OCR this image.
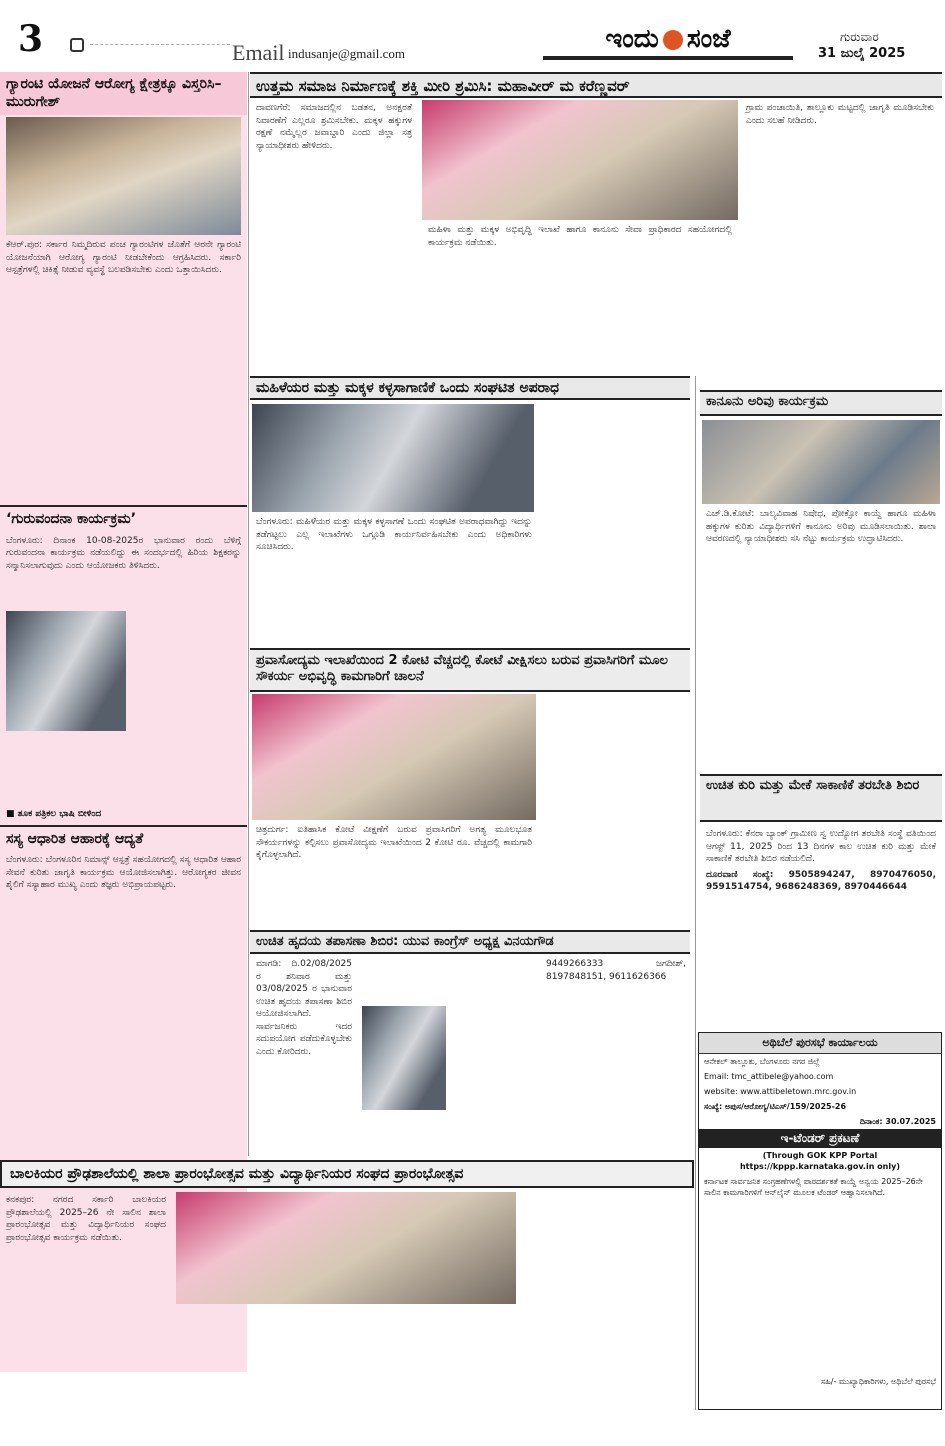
3	Email indusanje@gmail.com	ಇಂದು ಸಂಜೆ	ಗುರುವಾರ
31 ಜುಲೈ 2025
ಗ್ಯಾರಂಟಿ ಯೋಜನೆ ಆರೋಗ್ಯ ಕ್ಷೇತ್ರಕ್ಕೂ ವಿಸ್ತರಿಸಿ– ಮುರುಗೇಶ್
ಕೆಆರ್.ಪುರ: ಸರ್ಕಾರ ನಿಮ್ಮದಿರುವ ಪಂಚ ಗ್ಯಾರಂಟಿಗಳ ಜೊತೆಗೆ ಆರನೇ ಗ್ಯಾರಂಟಿ ಯೋಜನೆಯಾಗಿ ಆರೋಗ್ಯ ಗ್ಯಾರಂಟಿ ನೀಡಬೇಕೆಂದು ಆಗ್ರಹಿಸಿದರು. ಸರ್ಕಾರಿ ಆಸ್ಪತ್ರೆಗಳಲ್ಲಿ ಚಿಕಿತ್ಸೆ ನೀಡುವ ವ್ಯವಸ್ಥೆ ಬಲಪಡಿಸಬೇಕು ಎಂದು ಒತ್ತಾಯಿಸಿದರು.
‘ಗುರುವಂದನಾ ಕಾರ್ಯಕ್ರಮ’
ಬೆಂಗಳೂರು: ದಿನಾಂಕ 10-08-2025ರ ಭಾನುವಾರ ರಂದು ಬೆಳಿಗ್ಗೆ ಗುರುವಂದನಾ ಕಾರ್ಯಕ್ರಮ ನಡೆಯಲಿದ್ದು ಈ ಸಂದರ್ಭದಲ್ಲಿ ಹಿರಿಯ ಶಿಕ್ಷಕರನ್ನು ಸನ್ಮಾನಿಸಲಾಗುವುದು ಎಂದು ಆಯೋಜಕರು ತಿಳಿಸಿದರು.
■ ತೂಕ ಪತ್ರಿಕಲ ಭಾಷಿ ಬೀಳಿಂದ
ಸಸ್ಯ ಆಧಾರಿತ ಆಹಾರಕ್ಕೆ ಆದ್ಯತೆ
ಬೆಂಗಳೂರು: ಬೆಂಗಳೂರಿನ ನಿಮಾನ್ಸ್ ಆಸ್ಪತ್ರೆ ಸಹಯೋಗದಲ್ಲಿ ಸಸ್ಯ ಆಧಾರಿತ ಆಹಾರ ಸೇವನೆ ಕುರಿತು ಜಾಗೃತಿ ಕಾರ್ಯಕ್ರಮ ಆಯೋಜಿಸಲಾಗಿತ್ತು. ಆರೋಗ್ಯಕರ ಜೀವನ ಶೈಲಿಗೆ ಸಸ್ಯಾಹಾರ ಮುಖ್ಯ ಎಂದು ತಜ್ಞರು ಅಭಿಪ್ರಾಯಪಟ್ಟರು.
ಉತ್ತಮ ಸಮಾಜ ನಿರ್ಮಾಣಕ್ಕೆ ಶಕ್ತಿ ಮೀರಿ ಶ್ರಮಿಸಿ: ಮಹಾವೀರ್ ಮ ಕರೆಣ್ಣವರ್
ದಾವಣಗೆರೆ: ಸಮಾಜದಲ್ಲಿನ ಬಡತನ, ಅನಕ್ಷರತೆ ನಿವಾರಣೆಗೆ ಎಲ್ಲರೂ ಶ್ರಮಿಸಬೇಕು. ಮಕ್ಕಳ ಹಕ್ಕುಗಳ ರಕ್ಷಣೆ ನಮ್ಮೆಲ್ಲರ ಜವಾಬ್ದಾರಿ ಎಂದು ಜಿಲ್ಲಾ ಸತ್ರ ನ್ಯಾಯಾಧೀಶರು ಹೇಳಿದರು.
ಮಹಿಳಾ ಮತ್ತು ಮಕ್ಕಳ ಅಭಿವೃದ್ಧಿ ಇಲಾಖೆ ಹಾಗೂ ಕಾನೂನು ಸೇವಾ ಪ್ರಾಧಿಕಾರದ ಸಹಯೋಗದಲ್ಲಿ ಕಾರ್ಯಕ್ರಮ ನಡೆಯಿತು.
ಗ್ರಾಮ ಪಂಚಾಯಿತಿ, ತಾಲ್ಲೂಕು ಮಟ್ಟದಲ್ಲಿ ಜಾಗೃತಿ ಮೂಡಿಸಬೇಕು ಎಂದು ಸಲಹೆ ನೀಡಿದರು.
ಮಹಿಳೆಯರ ಮತ್ತು ಮಕ್ಕಳ ಕಳ್ಳಸಾಗಾಣಿಕೆ ಒಂದು ಸಂಘಟಿತ ಅಪರಾಧ
ಬೆಂಗಳೂರು: ಮಹಿಳೆಯರ ಮತ್ತು ಮಕ್ಕಳ ಕಳ್ಳಸಾಗಣೆ ಒಂದು ಸಂಘಟಿತ ಅಪರಾಧವಾಗಿದ್ದು ಇದನ್ನು ತಡೆಗಟ್ಟಲು ಎಲ್ಲ ಇಲಾಖೆಗಳು ಒಗ್ಗೂಡಿ ಕಾರ್ಯನಿರ್ವಹಿಸಬೇಕು ಎಂದು ಅಧಿಕಾರಿಗಳು ಸೂಚಿಸಿದರು.
ಕಾನೂನು ಅರಿವು ಕಾರ್ಯಕ್ರಮ
ಎಚ್.ಡಿ.ಕೋಟೆ: ಬಾಲ್ಯವಿವಾಹ ನಿಷೇಧ, ಪೋಕ್ಸೋ ಕಾಯ್ದೆ ಹಾಗೂ ಮಹಿಳಾ ಹಕ್ಕುಗಳ ಕುರಿತು ವಿದ್ಯಾರ್ಥಿಗಳಿಗೆ ಕಾನೂನು ಅರಿವು ಮೂಡಿಸಲಾಯಿತು. ಶಾಲಾ ಆವರಣದಲ್ಲಿ ನ್ಯಾಯಾಧೀಶರು ಸಸಿ ನೆಟ್ಟು ಕಾರ್ಯಕ್ರಮ ಉದ್ಘಾಟಿಸಿದರು.
ಪ್ರವಾಸೋದ್ಯಮ ಇಲಾಖೆಯಿಂದ 2 ಕೋಟಿ ವೆಚ್ಚದಲ್ಲಿ ಕೋಟೆ ವೀಕ್ಷಿಸಲು ಬರುವ ಪ್ರವಾಸಿಗರಿಗೆ ಮೂಲ ಸೌಕರ್ಯ ಅಭಿವೃದ್ಧಿ ಕಾಮಗಾರಿಗೆ ಚಾಲನೆ
ಚಿತ್ರದುರ್ಗ: ಐತಿಹಾಸಿಕ ಕೋಟೆ ವೀಕ್ಷಣೆಗೆ ಬರುವ ಪ್ರವಾಸಿಗರಿಗೆ ಅಗತ್ಯ ಮೂಲಭೂತ ಸೌಕರ್ಯಗಳನ್ನು ಕಲ್ಪಿಸಲು ಪ್ರವಾಸೋದ್ಯಮ ಇಲಾಖೆಯಿಂದ 2 ಕೋಟಿ ರೂ. ವೆಚ್ಚದಲ್ಲಿ ಕಾಮಗಾರಿ ಕೈಗೊಳ್ಳಲಾಗಿದೆ.
ಉಚಿತ ಕುರಿ ಮತ್ತು ಮೇಕೆ ಸಾಕಾಣಿಕೆ ತರಬೇತಿ ಶಿಬಿರ

ಬೆಂಗಳೂರು: ಕೆನರಾ ಬ್ಯಾಂಕ್ ಗ್ರಾಮೀಣ ಸ್ವ ಉದ್ಯೋಗ ತರಬೇತಿ ಸಂಸ್ಥೆ ವತಿಯಿಂದ ಆಗಸ್ಟ್ 11, 2025 ರಿಂದ 13 ದಿನಗಳ ಕಾಲ ಉಚಿತ ಕುರಿ ಮತ್ತು ಮೇಕೆ ಸಾಕಾಣಿಕೆ ತರಬೇತಿ ಶಿಬಿರ ನಡೆಯಲಿದೆ.

ದೂರವಾಣಿ ಸಂಖ್ಯೆ: 9505894247, 8970476050, 9591514754, 9686248369, 8970446644

ಉಚಿತ ಹೃದಯ ತಪಾಸಣಾ ಶಿಬಿರ: ಯುವ ಕಾಂಗ್ರೆಸ್ ಅಧ್ಯಕ್ಷ ವಿನಯಗೌಡ
ಮಾಗಡಿ: ದಿ.02/08/2025 ರ ಶನಿವಾರ ಮತ್ತು 03/08/2025 ರ ಭಾನುವಾರ ಉಚಿತ ಹೃದಯ ತಪಾಸಣಾ ಶಿಬಿರ ಆಯೋಜಿಸಲಾಗಿದೆ. ಸಾರ್ವಜನಿಕರು ಇದರ ಸದುಪಯೋಗ ಪಡೆದುಕೊಳ್ಳಬೇಕು ಎಂದು ಕೋರಿದರು.
9449266333 ಜಗದೀಶ್, 8197848151, 9611626366
ಅಥಿಬೆಲೆ ಪುರಸಭೆ ಕಾರ್ಯಾಲಯ
ಆನೇಕಲ್ ತಾಲ್ಲೂಕು, ಬೆಂಗಳೂರು ನಗರ ಜಿಲ್ಲೆ
Email: tmc_attibele@yahoo.com
website: www.attibeletown.mrc.gov.in
ಸಂಖ್ಯೆ: ಅಪುಸ/ಆರೋಗ್ಯ/ಟಿಎಸ್/159/2025-26
ದಿನಾಂಕ: 30.07.2025
ಇ-ಟೆಂಡರ್ ಪ್ರಕಟಣೆ
(Through GOK KPP Portal https://kppp.karnataka.gov.in only)
ಕರ್ನಾಟಕ ಸಾರ್ವಜನಿಕ ಸಂಗ್ರಹಣೆಗಳಲ್ಲಿ ಪಾರದರ್ಶಕತೆ ಕಾಯ್ದೆ ಅನ್ವಯ 2025–26ನೇ ಸಾಲಿನ ಕಾಮಗಾರಿಗಳಿಗೆ ಆನ್‌ಲೈನ್ ಮೂಲಕ ಟೆಂಡರ್ ಆಹ್ವಾನಿಸಲಾಗಿದೆ.
ಸಹಿ/- ಮುಖ್ಯಾಧಿಕಾರಿಗಳು, ಅಥಿಬೆಲೆ ಪುರಸಭೆ
ಬಾಲಕಿಯರ ಪ್ರೌಢಶಾಲೆಯಲ್ಲಿ ಶಾಲಾ ಪ್ರಾರಂಭೋತ್ಸವ ಮತ್ತು ವಿದ್ಯಾರ್ಥಿನಿಯರ ಸಂಘದ ಪ್ರಾರಂಭೋತ್ಸವ
ಕನಕಪುರ: ನಗರದ ಸರ್ಕಾರಿ ಬಾಲಕಿಯರ ಪ್ರೌಢಶಾಲೆಯಲ್ಲಿ 2025–26 ನೇ ಸಾಲಿನ ಶಾಲಾ ಪ್ರಾರಂಭೋತ್ಸವ ಮತ್ತು ವಿದ್ಯಾರ್ಥಿನಿಯರ ಸಂಘದ ಪ್ರಾರಂಭೋತ್ಸವ ಕಾರ್ಯಕ್ರಮ ನಡೆಯಿತು.
